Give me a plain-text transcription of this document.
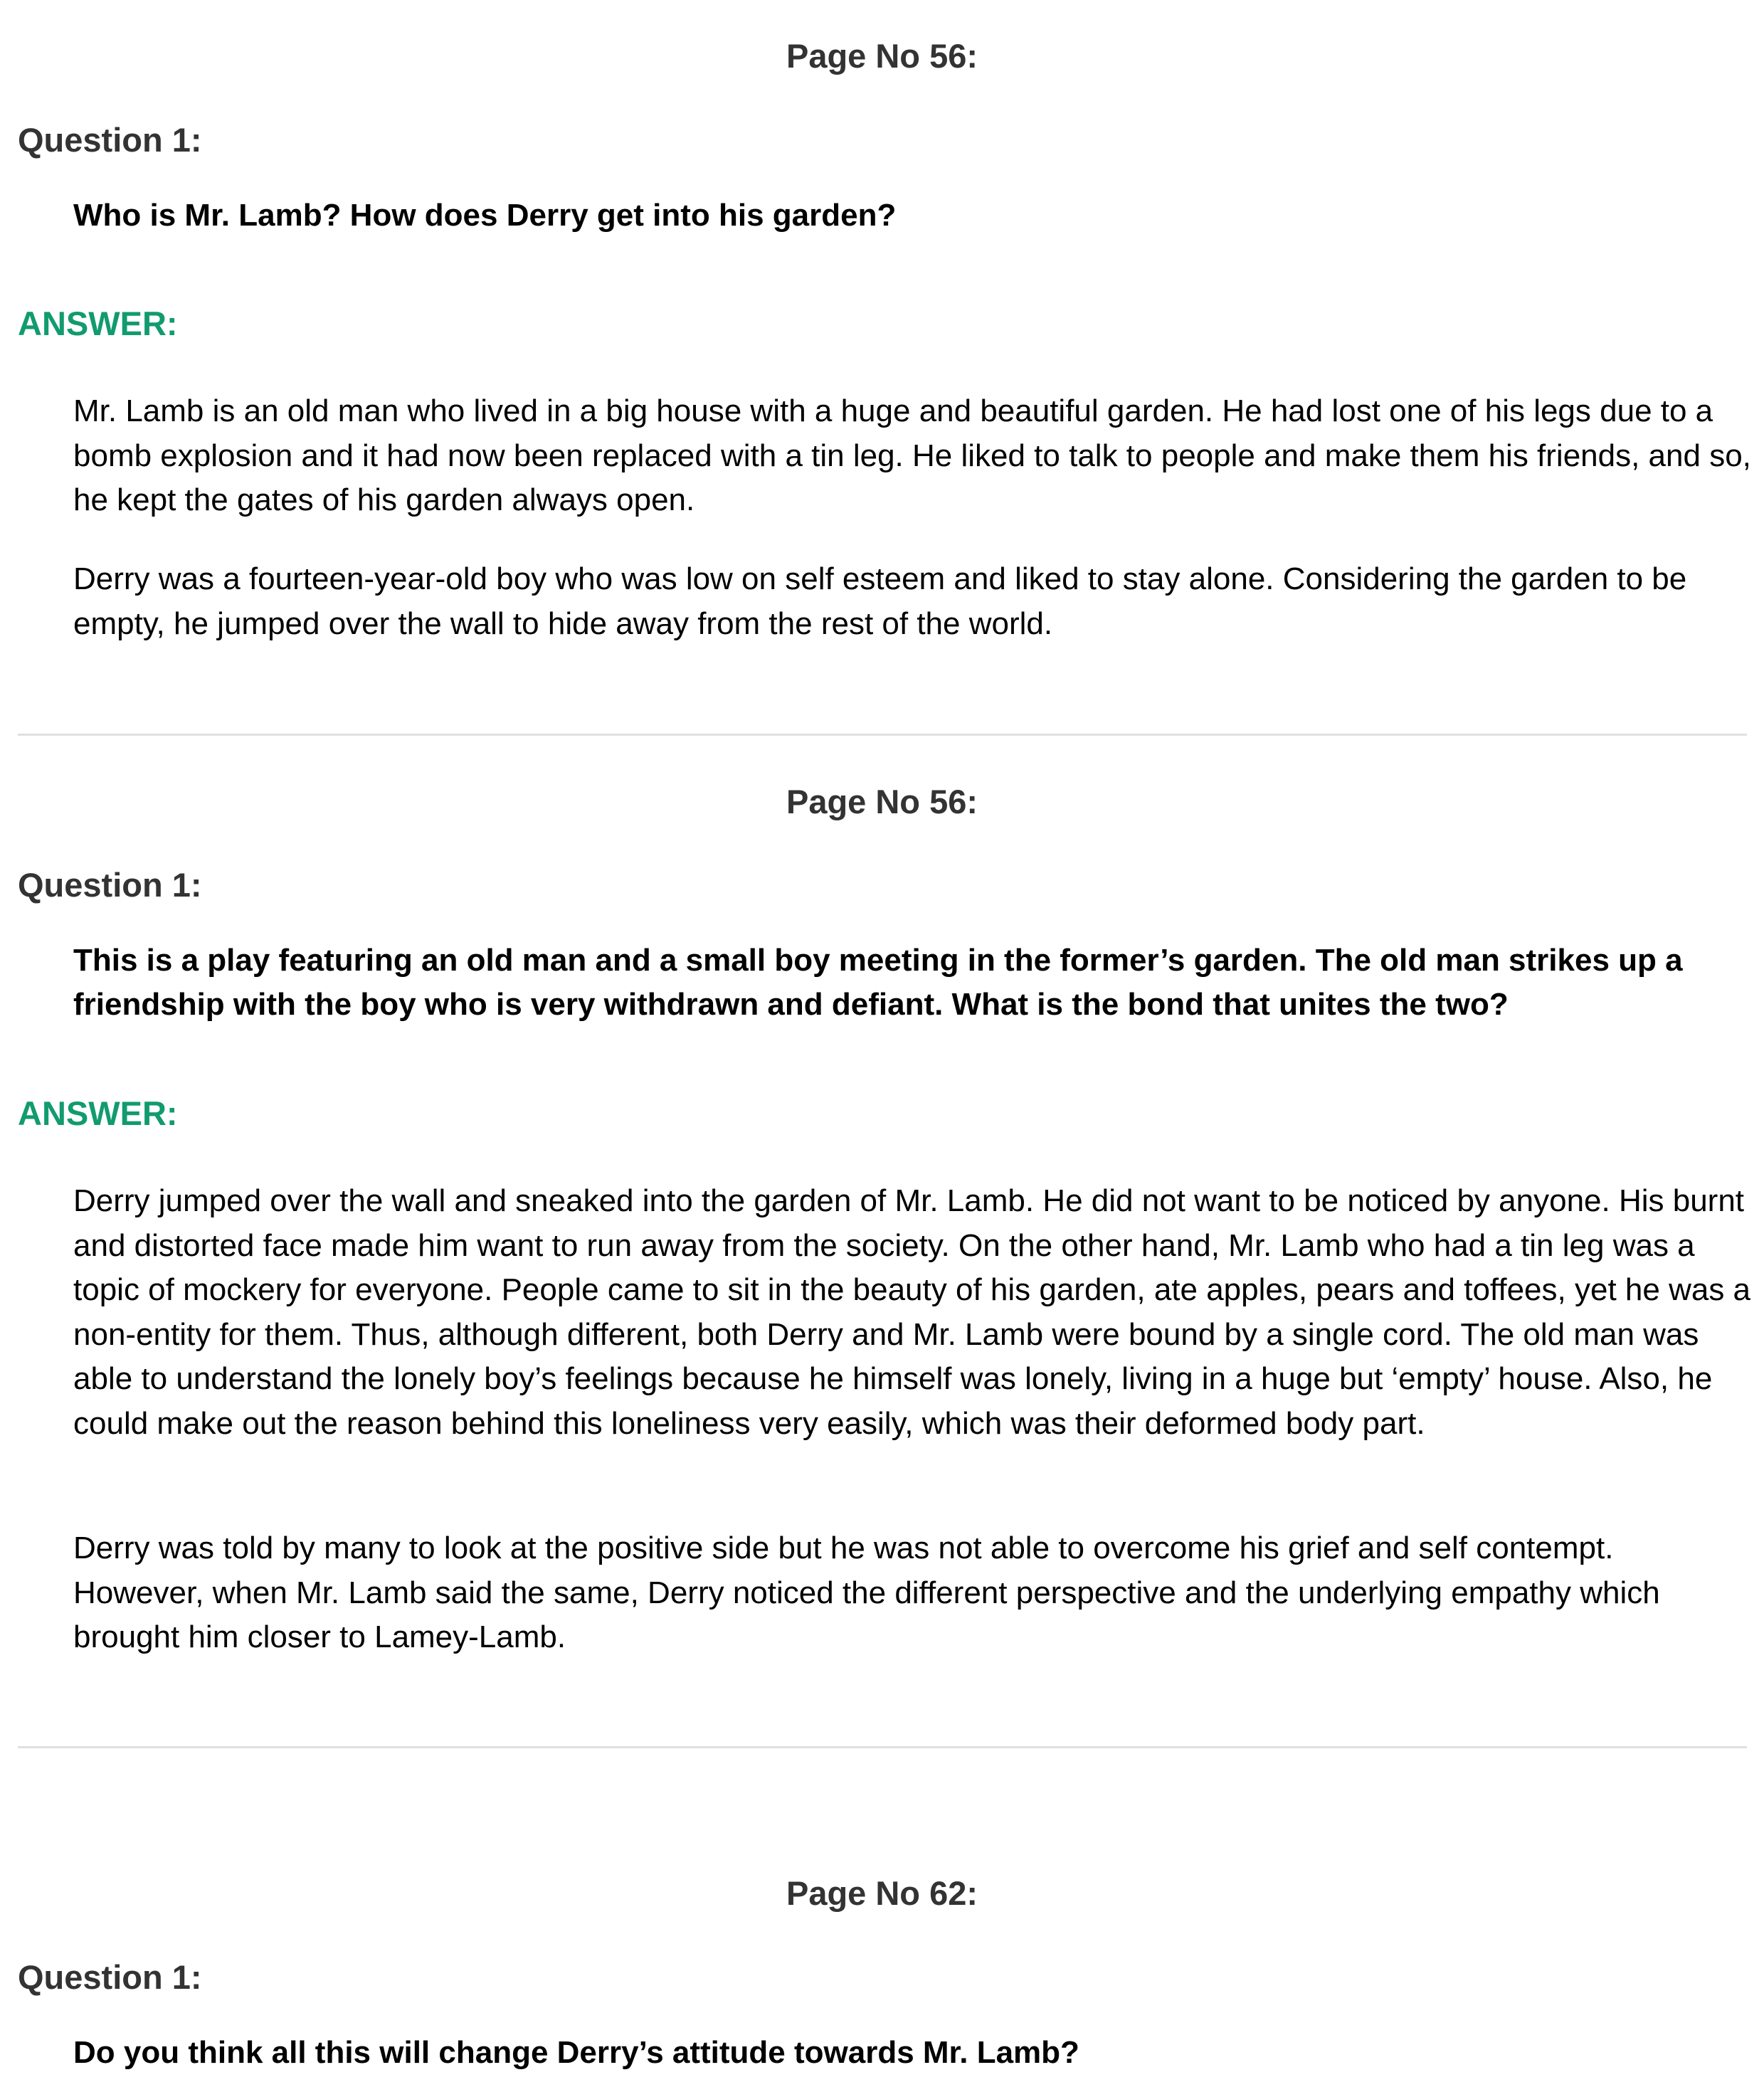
Page No 56:
Question 1:

Who is Mr. Lamb? How does Derry get into his garden?

ANSWER:

Mr. Lamb is an old man who lived in a big house with a huge and beautiful garden. He had lost one of his legs due to a bomb explosion and it had now been replaced with a tin leg. He liked to talk to people and make them his friends, and so, he kept the gates of his garden always open.

Derry was a fourteen-year-old boy who was low on self esteem and liked to stay alone. Considering the garden to be empty, he jumped over the wall to hide away from the rest of the world.

Page No 56:
Question 1:

This is a play featuring an old man and a small boy meeting in the former’s garden. The old man strikes up a friendship with the boy who is very withdrawn and defiant. What is the bond that unites the two?

ANSWER:

Derry jumped over the wall and sneaked into the garden of Mr. Lamb. He did not want to be noticed by anyone. His burnt and distorted face made him want to run away from the society. On the other hand, Mr. Lamb who had a tin leg was a topic of mockery for everyone. People came to sit in the beauty of his garden, ate apples, pears and toffees, yet he was a non-entity for them. Thus, although different, both Derry and Mr. Lamb were bound by a single cord. The old man was able to understand the lonely boy’s feelings because he himself was lonely, living in a huge but ‘empty’ house. Also, he could make out the reason behind this loneliness very easily, which was their deformed body part.

Derry was told by many to look at the positive side but he was not able to overcome his grief and self contempt. However, when Mr. Lamb said the same, Derry noticed the different perspective and the underlying empathy which brought him closer to Lamey-Lamb.

Page No 62:
Question 1:

Do you think all this will change Derry’s attitude towards Mr. Lamb?
